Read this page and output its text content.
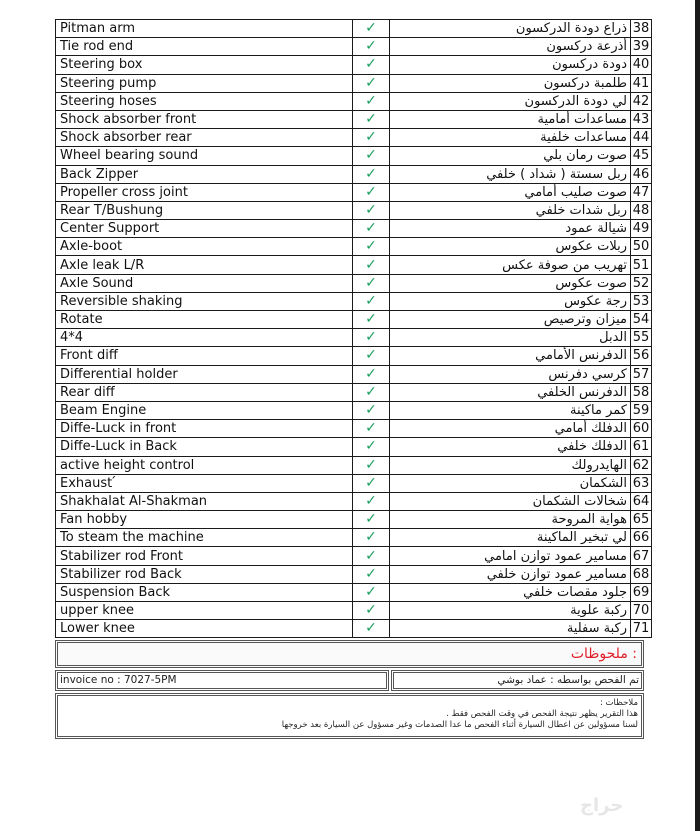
Pitman arm	✓	ذراع دودة الدركسون	38
Tie rod end	✓	أذرعة دركسون	39
Steering box	✓	دودة دركسون	40
Steering pump	✓	طلمبة دركسون	41
Steering hoses	✓	لي دودة الدركسون	42
Shock absorber front	✓	مساعدات أمامية	43
Shock absorber rear	✓	مساعدات خلفية	44
Wheel bearing sound	✓	صوت رمان بلي	45
Back Zipper	✓	ربل سستة ( شداد ) خلفي	46
Propeller cross joint	✓	صوت صليب أمامي	47
Rear T/Bushung	✓	ربل شدات خلفي	48
Center Support	✓	شيالة عمود	49
Axle-boot	✓	ربلات عكوس	50
Axle leak L/R	✓	تهريب من صوفة عكس	51
Axle Sound	✓	صوت عكوس	52
Reversible shaking	✓	رجة عكوس	53
Rotate	✓	ميزان وترصيص	54
4*4	✓	الدبل	55
Front diff	✓	الدفرنس الأمامي	56
Differential holder	✓	كرسي دفرنس	57
Rear diff	✓	الدفرنس الخلفي	58
Beam Engine	✓	كمر ماكينة	59
Diffe-Luck in front	✓	الدفلك أمامي	60
Diffe-Luck in Back	✓	الدفلك خلفي	61
active height control	✓	الهايدرولك	62
Exhaust՛	✓	الشكمان	63
Shakhalat Al-Shakman	✓	شخالات الشكمان	64
Fan hobby	✓	هواية المروحة	65
To steam the machine	✓	لي تبخير الماكينة	66
Stabilizer rod Front	✓	مسامير عمود توازن امامي	67
Stabilizer rod Back	✓	مسامير عمود توازن خلفي	68
Suspension Back	✓	جلود مقصات خلفي	69
upper knee	✓	ركبة علوية	70
Lower knee	✓	ركبة سفلية	71
: ملحوظات
invoice no : 7027-5PM	تم الفحص بواسطه : عماد بوشي
ملاحظات :
هذا التقرير يظهر نتيجة الفحص في وقت الفحص فقط .
لسنا مسؤولين عن اعطال السيارة أثناء الفحص ما عدا الصدمات وغير مسؤول عن السيارة بعد خروجها
حراج
